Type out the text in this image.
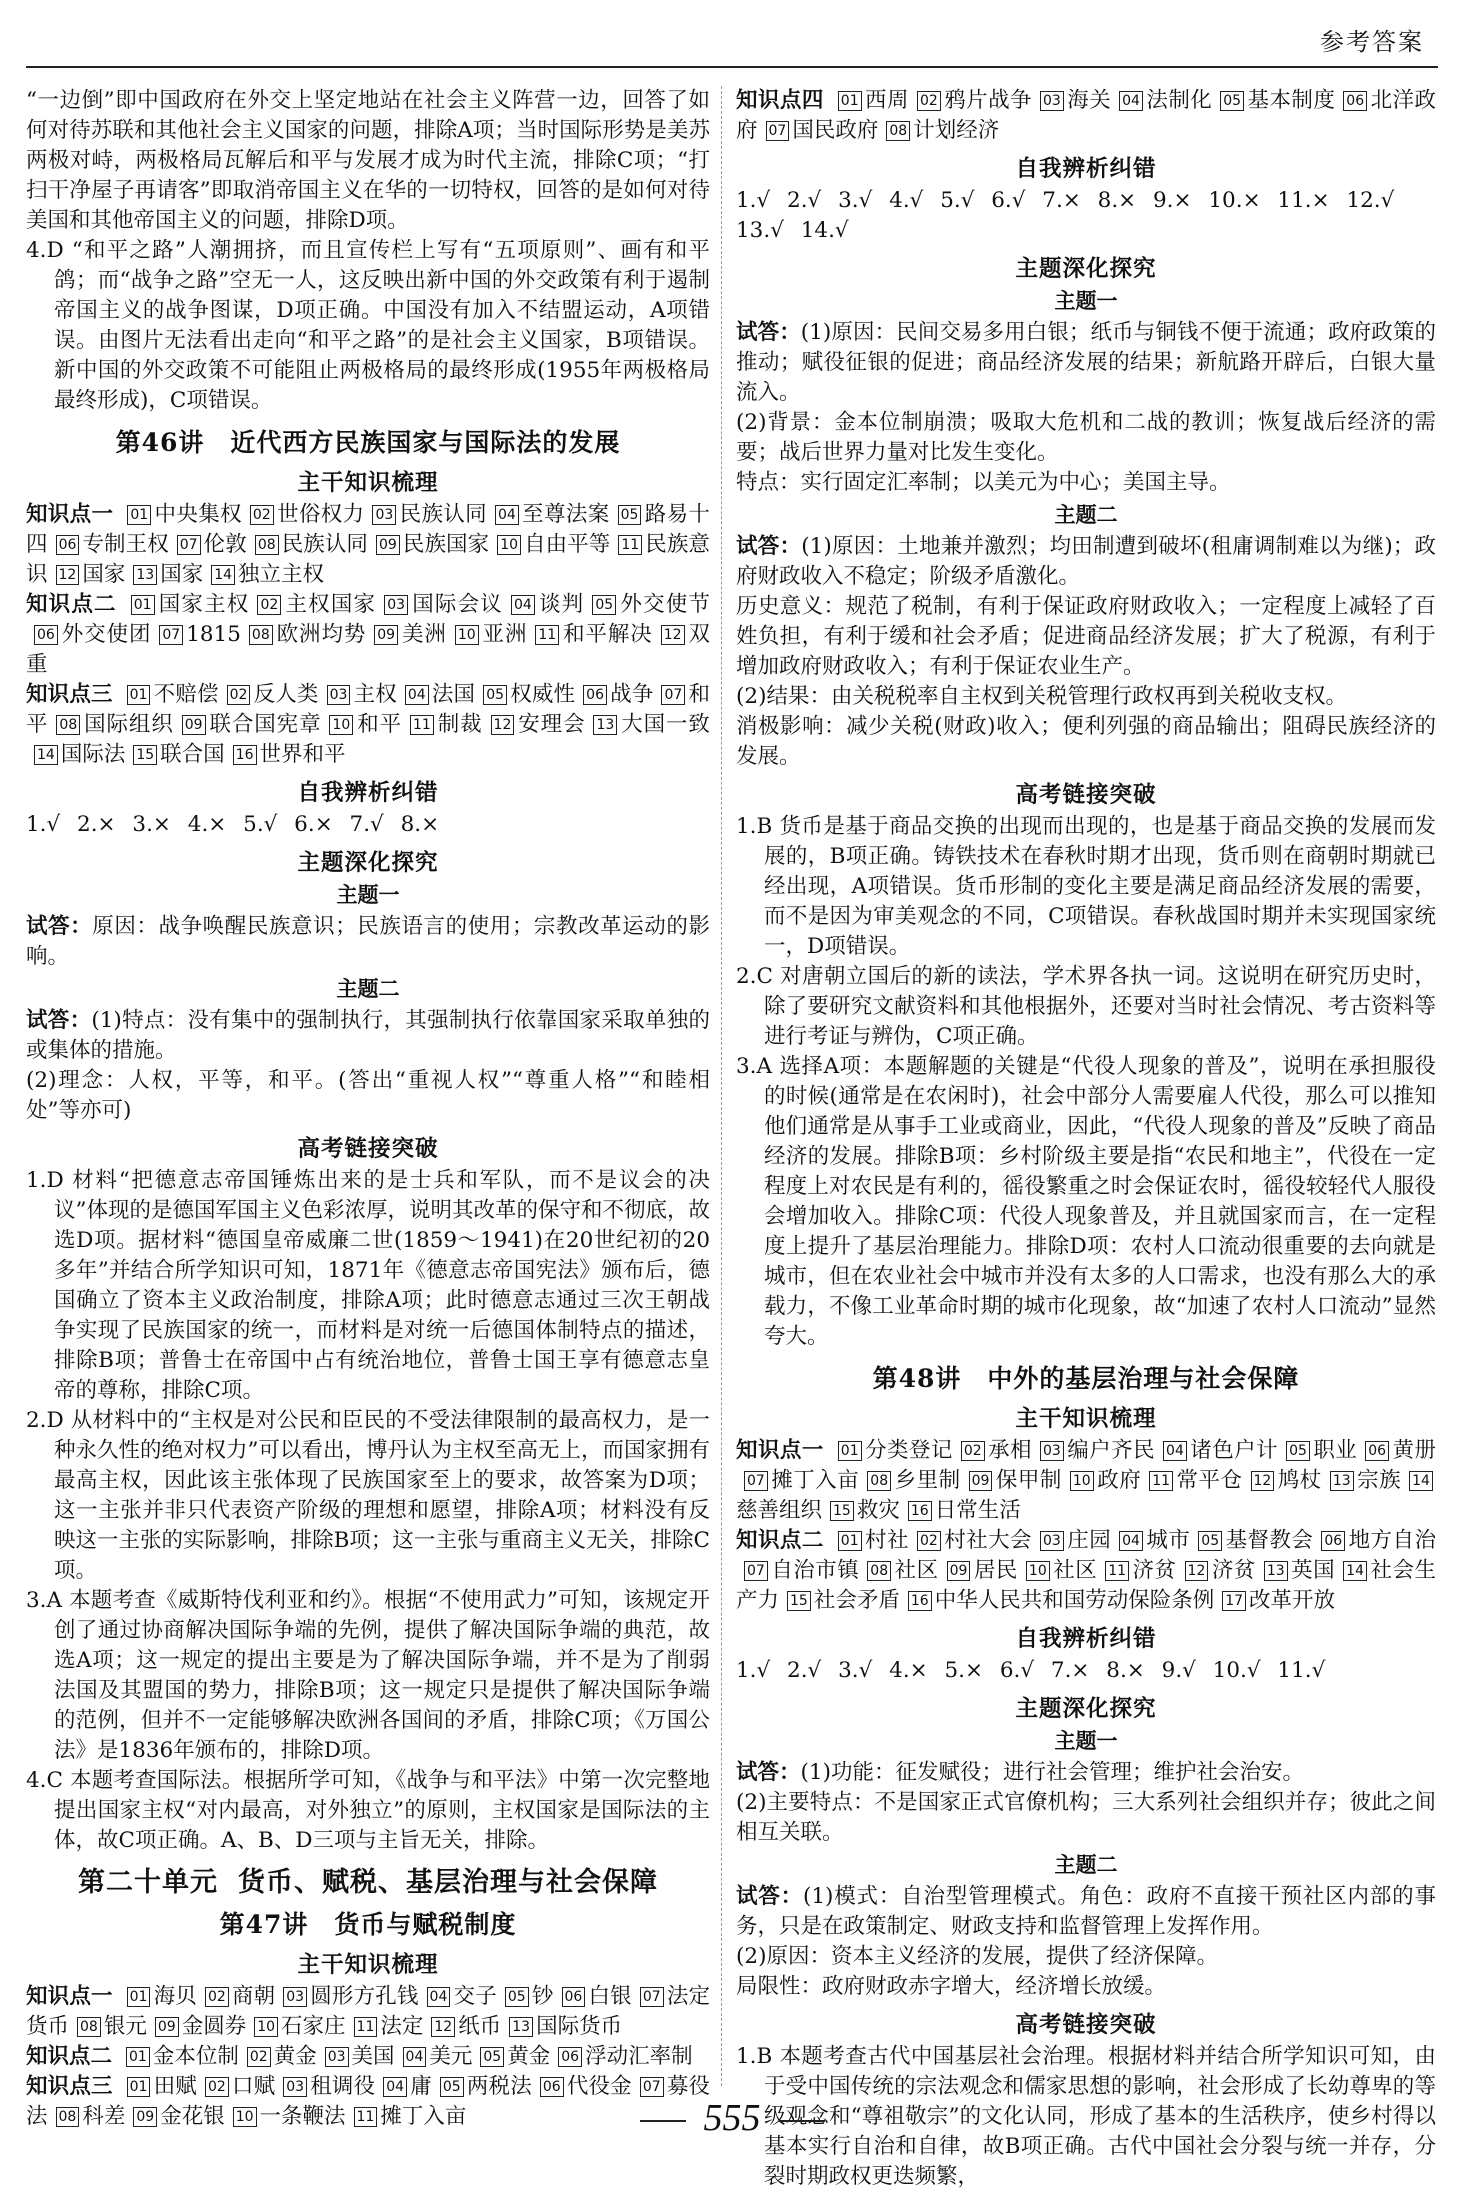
参考答案

“一边倒”即中国政府在外交上坚定地站在社会主义阵营一边，回答了如何对待苏联和其他社会主义国家的问题，排除A项；当时国际形势是美苏两极对峙，两极格局瓦解后和平与发展才成为时代主流，排除C项；“打扫干净屋子再请客”即取消帝国主义在华的一切特权，回答的是如何对待美国和其他帝国主义的问题，排除D项。

4.D “和平之路”人潮拥挤，而且宣传栏上写有“五项原则”、画有和平鸽；而“战争之路”空无一人，这反映出新中国的外交政策有利于遏制帝国主义的战争图谋，D项正确。中国没有加入不结盟运动，A项错误。由图片无法看出走向“和平之路”的是社会主义国家，B项错误。新中国的外交政策不可能阻止两极格局的最终形成(1955年两极格局最终形成)，C项错误。

第46讲 近代西方民族国家与国际法的发展
主干知识梳理

知识点一 01 中央集权 02 世俗权力 03 民族认同 04 至尊法案 05 路易十四 06 专制王权 07 伦敦 08 民族认同 09 民族国家 10 自由平等 11 民族意识 12 国家 13 国家 14 独立主权

知识点二 01 国家主权 02 主权国家 03 国际会议 04 谈判 05 外交使节06 外交使团 07 1815 08 欧洲均势 09 美洲 10 亚洲 11 和平解决 12 双重

知识点三 01 不赔偿 02 反人类 03 主权 04 法国 05 权威性 06 战争 07 和平 08 国际组织 09 联合国宪章 10 和平 11 制裁 12 安理会 13 大国一致14 国际法 15 联合国 16 世界和平

自我辨析纠错

1.√ 2.× 3.× 4.× 5.√ 6.× 7.√ 8.×

主题深化探究
主题一

试答：原因：战争唤醒民族意识；民族语言的使用；宗教改革运动的影响。

主题二

试答：(1)特点：没有集中的强制执行，其强制执行依靠国家采取单独的或集体的措施。

(2)理念：人权，平等，和平。(答出“重视人权”“尊重人格”“和睦相处”等亦可)

高考链接突破

1.D 材料“把德意志帝国锤炼出来的是士兵和军队，而不是议会的决议”体现的是德国军国主义色彩浓厚，说明其改革的保守和不彻底，故选D项。据材料“德国皇帝威廉二世(1859～1941)在20世纪初的20多年”并结合所学知识可知，1871年《德意志帝国宪法》颁布后，德国确立了资本主义政治制度，排除A项；此时德意志通过三次王朝战争实现了民族国家的统一，而材料是对统一后德国体制特点的描述，排除B项；普鲁士在帝国中占有统治地位，普鲁士国王享有德意志皇帝的尊称，排除C项。

2.D 从材料中的“主权是对公民和臣民的不受法律限制的最高权力，是一种永久性的绝对权力”可以看出，博丹认为主权至高无上，而国家拥有最高主权，因此该主张体现了民族国家至上的要求，故答案为D项；这一主张并非只代表资产阶级的理想和愿望，排除A项；材料没有反映这一主张的实际影响，排除B项；这一主张与重商主义无关，排除C项。

3.A 本题考查《威斯特伐利亚和约》。根据“不使用武力”可知，该规定开创了通过协商解决国际争端的先例，提供了解决国际争端的典范，故选A项；这一规定的提出主要是为了解决国际争端，并不是为了削弱法国及其盟国的势力，排除B项；这一规定只是提供了解决国际争端的范例，但并不一定能够解决欧洲各国间的矛盾，排除C项；《万国公法》是1836年颁布的，排除D项。

4.C 本题考查国际法。根据所学可知，《战争与和平法》中第一次完整地提出国家主权“对内最高，对外独立”的原则，主权国家是国际法的主体，故C项正确。A、B、D三项与主旨无关，排除。

第二十单元 货币、赋税、基层治理与社会保障
第47讲 货币与赋税制度
主干知识梳理

知识点一 01 海贝 02 商朝 03 圆形方孔钱 04 交子 05 钞 06 白银 07 法定货币 08 银元 09 金圆券 10 石家庄 11 法定 12 纸币 13 国际货币

知识点二 01 金本位制 02 黄金 03 美国 04 美元 05 黄金 06 浮动汇率制

知识点三 01 田赋 02 口赋 03 租调役 04 庸 05 两税法 06 代役金 07 募役法 08 科差 09 金花银 10 一条鞭法 11 摊丁入亩

知识点四 01 西周 02 鸦片战争 03 海关 04 法制化 05 基本制度 06 北洋政府 07 国民政府 08 计划经济

自我辨析纠错

1.√ 2.√ 3.√ 4.√ 5.√ 6.√ 7.× 8.× 9.× 10.× 11.× 12.√ 13.√ 14.√

主题深化探究
主题一

试答：(1)原因：民间交易多用白银；纸币与铜钱不便于流通；政府政策的推动；赋役征银的促进；商品经济发展的结果；新航路开辟后，白银大量流入。

(2)背景：金本位制崩溃；吸取大危机和二战的教训；恢复战后经济的需要；战后世界力量对比发生变化。

特点：实行固定汇率制；以美元为中心；美国主导。

主题二

试答：(1)原因：土地兼并激烈；均田制遭到破坏(租庸调制难以为继)；政府财政收入不稳定；阶级矛盾激化。

历史意义：规范了税制，有利于保证政府财政收入；一定程度上减轻了百姓负担，有利于缓和社会矛盾；促进商品经济发展；扩大了税源，有利于增加政府财政收入；有利于保证农业生产。

(2)结果：由关税税率自主权到关税管理行政权再到关税收支权。

消极影响：减少关税(财政)收入；便利列强的商品输出；阻碍民族经济的发展。

高考链接突破

1.B 货币是基于商品交换的出现而出现的，也是基于商品交换的发展而发展的，B项正确。铸铁技术在春秋时期才出现，货币则在商朝时期就已经出现，A项错误。货币形制的变化主要是满足商品经济发展的需要，而不是因为审美观念的不同，C项错误。春秋战国时期并未实现国家统一，D项错误。

2.C 对唐朝立国后的新的读法，学术界各执一词。这说明在研究历史时，除了要研究文献资料和其他根据外，还要对当时社会情况、考古资料等进行考证与辨伪，C项正确。

3.A 选择A项：本题解题的关键是“代役人现象的普及”，说明在承担服役的时候(通常是在农闲时)，社会中部分人需要雇人代役，那么可以推知他们通常是从事手工业或商业，因此，“代役人现象的普及”反映了商品经济的发展。排除B项：乡村阶级主要是指“农民和地主”，代役在一定程度上对农民是有利的，徭役繁重之时会保证农时，徭役较轻代人服役会增加收入。排除C项：代役人现象普及，并且就国家而言，在一定程度上提升了基层治理能力。排除D项：农村人口流动很重要的去向就是城市，但在农业社会中城市并没有太多的人口需求，也没有那么大的承载力，不像工业革命时期的城市化现象，故“加速了农村人口流动”显然夸大。

第48讲 中外的基层治理与社会保障
主干知识梳理

知识点一 01 分类登记 02 承相 03 编户齐民 04 诸色户计 05 职业 06 黄册07 摊丁入亩 08 乡里制 09 保甲制 10 政府 11 常平仓 12 鸠杖 13 宗族 14慈善组织 15 救灾 16 日常生活

知识点二 01 村社 02 村社大会 03 庄园 04 城市 05 基督教会 06 地方自治07 自治市镇 08 社区 09 居民 10 社区 11 济贫 12 济贫 13 英国 14 社会生产力 15 社会矛盾 16 中华人民共和国劳动保险条例 17 改革开放

自我辨析纠错

1.√ 2.√ 3.√ 4.× 5.× 6.√ 7.× 8.× 9.√ 10.√ 11.√

主题深化探究
主题一

试答：(1)功能：征发赋役；进行社会管理；维护社会治安。

(2)主要特点：不是国家正式官僚机构；三大系列社会组织并存；彼此之间相互关联。

主题二

试答：(1)模式：自治型管理模式。角色：政府不直接干预社区内部的事务，只是在政策制定、财政支持和监督管理上发挥作用。

(2)原因：资本主义经济的发展，提供了经济保障。

局限性：政府财政赤字增大，经济增长放缓。

高考链接突破

1.B 本题考查古代中国基层社会治理。根据材料并结合所学知识可知，由于受中国传统的宗法观念和儒家思想的影响，社会形成了长幼尊卑的等级观念和“尊祖敬宗”的文化认同，形成了基本的生活秩序，使乡村得以基本实行自治和自律，故B项正确。古代中国社会分裂与统一并存，分裂时期政权更迭频繁，

555
